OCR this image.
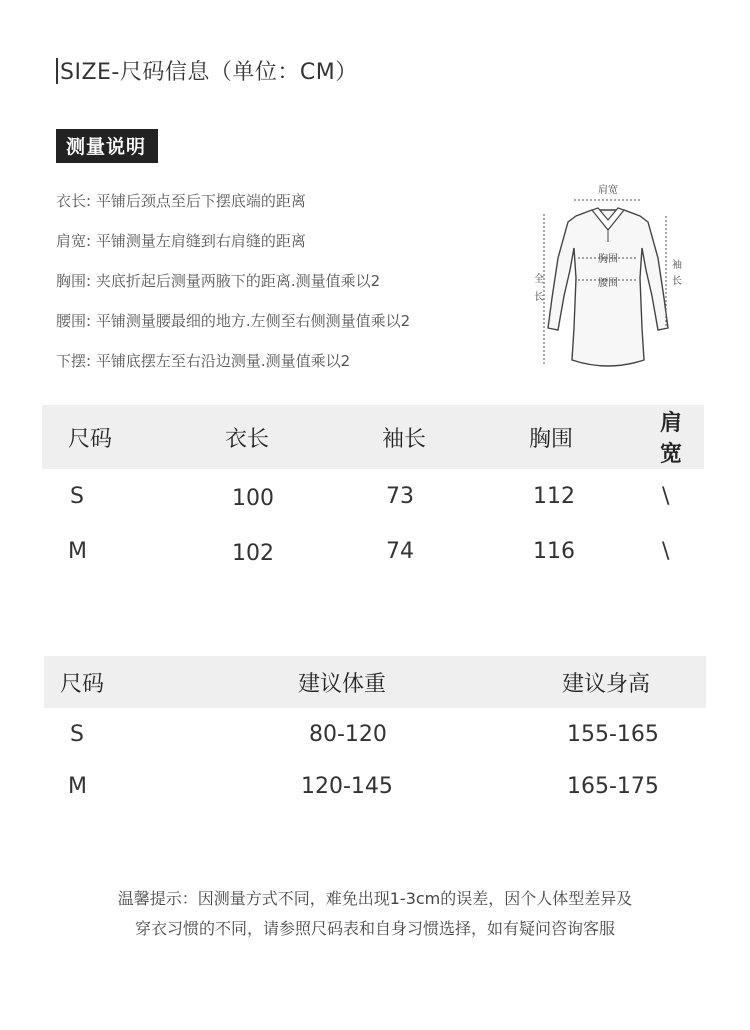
SIZE-尺码信息（单位：CM）
测量说明
衣长: 平铺后颈点至后下摆底端的距离
肩宽: 平铺测量左肩缝到右肩缝的距离
胸围: 夹底折起后测量两腋下的距离.测量值乘以2
腰围: 平铺测量腰最细的地方.左侧至右侧测量值乘以2
下摆: 平铺底摆左至右沿边测量.测量值乘以2
肩宽
胸围
腰围
全
长
袖
长
尺码	衣长	袖长	胸围	肩宽
S	100	73	112	\
M	102	74	116	\
尺码	建议体重	建议身高
S	80-120	155-165
M	120-145	165-175
温馨提示：因测量方式不同，难免出现1-3cm的误差，因个人体型差异及
穿衣习惯的不同，请参照尺码表和自身习惯选择，如有疑问咨询客服
